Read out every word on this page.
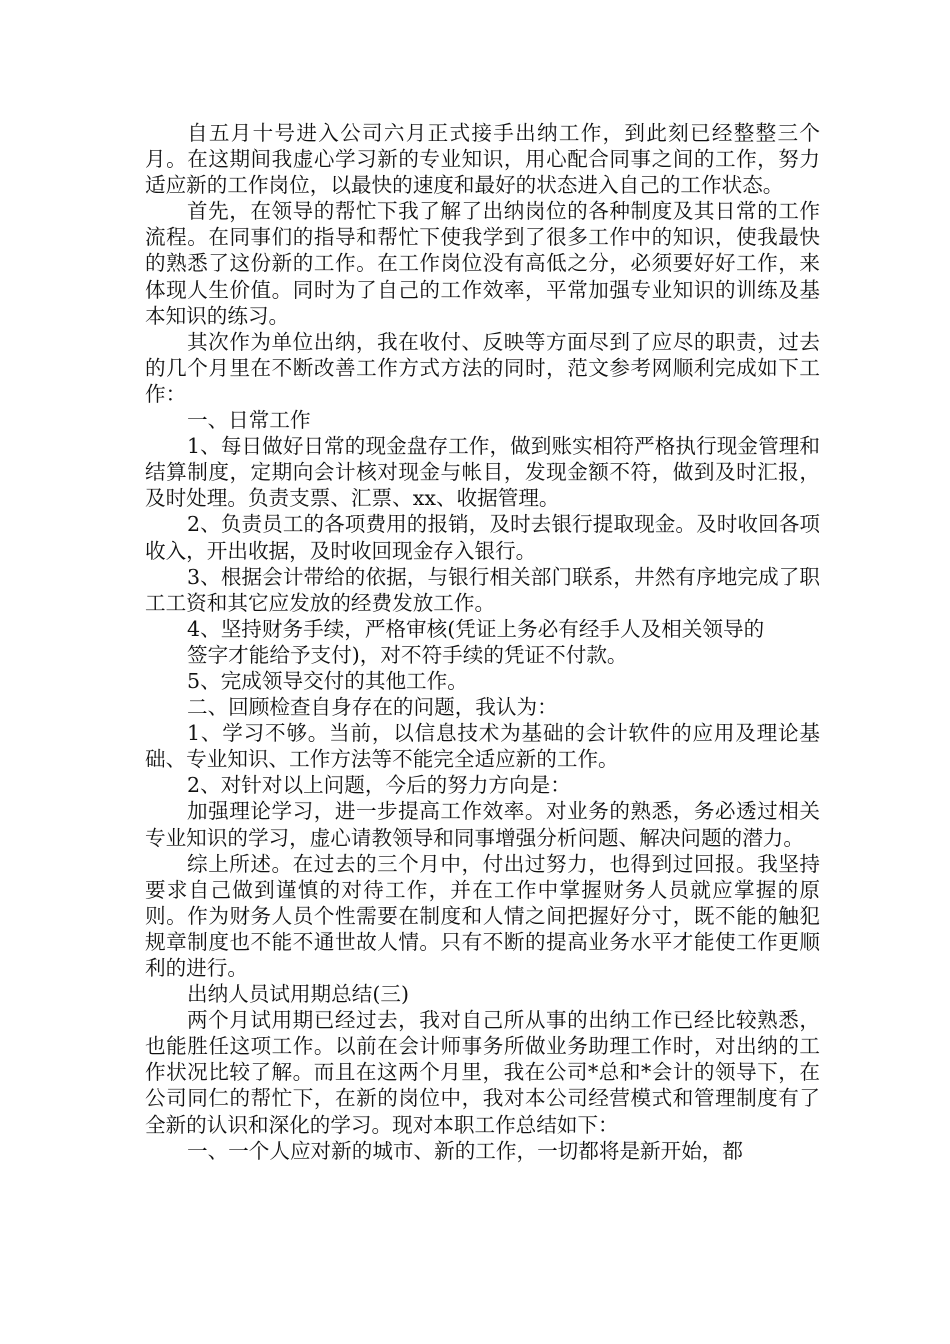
自五月十号进入公司六月正式接手出纳工作，到此刻已经整整三个月。在这期间我虚心学习新的专业知识，用心配合同事之间的工作，努力适应新的工作岗位，以最快的速度和最好的状态进入自己的工作状态。

首先，在领导的帮忙下我了解了出纳岗位的各种制度及其日常的工作流程。在同事们的指导和帮忙下使我学到了很多工作中的知识，使我最快的熟悉了这份新的工作。在工作岗位没有高低之分，必须要好好工作，来体现人生价值。同时为了自己的工作效率，平常加强专业知识的训练及基本知识的练习。

其次作为单位出纳，我在收付、反映等方面尽到了应尽的职责，过去的几个月里在不断改善工作方式方法的同时，范文参考网顺利完成如下工作：

一、日常工作

1、每日做好日常的现金盘存工作，做到账实相符严格执行现金管理和结算制度，定期向会计核对现金与帐目，发现金额不符，做到及时汇报，及时处理。负责支票、汇票、xx、收据管理。

2、负责员工的各项费用的报销，及时去银行提取现金。及时收回各项收入，开出收据，及时收回现金存入银行。

3、根据会计带给的依据，与银行相关部门联系，井然有序地完成了职工工资和其它应发放的经费发放工作。

4、坚持财务手续，严格审核(凭证上务必有经手人及相关领导的

签字才能给予支付)，对不符手续的凭证不付款。

5、完成领导交付的其他工作。

二、回顾检查自身存在的问题，我认为：

1、学习不够。当前，以信息技术为基础的会计软件的应用及理论基础、专业知识、工作方法等不能完全适应新的工作。

2、对针对以上问题，今后的努力方向是：

加强理论学习，进一步提高工作效率。对业务的熟悉，务必透过相关专业知识的学习，虚心请教领导和同事增强分析问题、解决问题的潜力。

综上所述。在过去的三个月中，付出过努力，也得到过回报。我坚持要求自己做到谨慎的对待工作，并在工作中掌握财务人员就应掌握的原则。作为财务人员个性需要在制度和人情之间把握好分寸，既不能的触犯规章制度也不能不通世故人情。只有不断的提高业务水平才能使工作更顺利的进行。

出纳人员试用期总结(三)

两个月试用期已经过去，我对自己所从事的出纳工作已经比较熟悉，也能胜任这项工作。以前在会计师事务所做业务助理工作时，对出纳的工作状况比较了解。而且在这两个月里，我在公司*总和*会计的领导下，在公司同仁的帮忙下，在新的岗位中，我对本公司经营模式和管理制度有了全新的认识和深化的学习。现对本职工作总结如下：

一、一个人应对新的城市、新的工作，一切都将是新开始，都
